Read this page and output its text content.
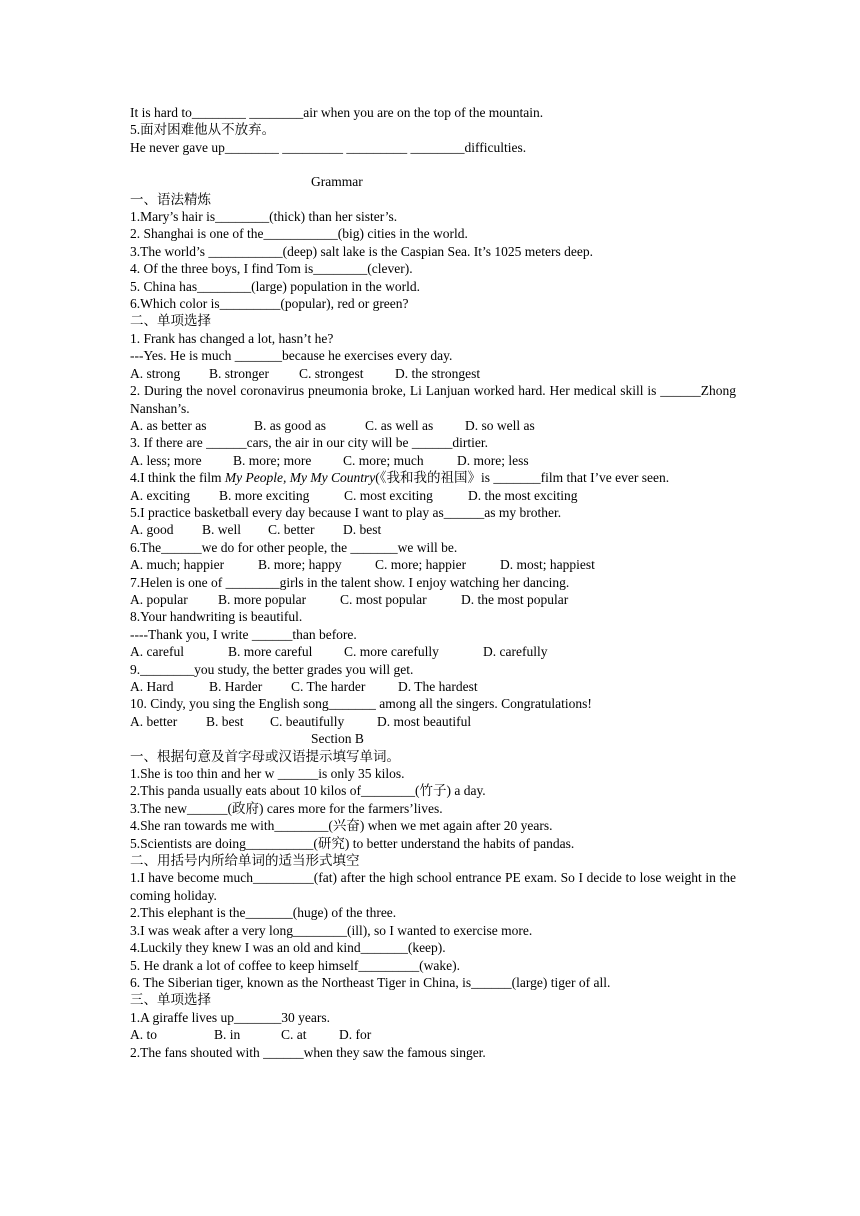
It is hard to________ ________air when you are on the top of the mountain.
5.面对困难他从不放弃。
He never gave up________ _________ _________ ________difficulties.
Grammar
一、语法精炼
1.Mary’s hair is________(thick) than her sister’s.
2. Shanghai is one of the___________(big) cities in the world.
3.The world’s ___________(deep) salt lake is the Caspian Sea. It’s 1025 meters deep.
4. Of the three boys, I find Tom is________(clever).
5. China has________(large) population in the world.
6.Which color is_________(popular), red or green?
二、单项选择
1. Frank has changed a lot, hasn’t he?
---Yes. He is much _______because he exercises every day.
A. strong B. stronger C. strongest D. the strongest
2. During the novel coronavirus pneumonia broke, Li Lanjuan worked hard. Her medical skill is ______Zhong Nanshan’s.
A. as better as	B. as good as	C. as well as D. so well as
3. If there are ______cars, the air in our city will be ______dirtier.
A. less; more B. more; more C. more; much D. more; less
4.I think the film My People, My My Country(《我和我的祖国》is _______film that I’ve ever seen.
A. exciting B. more exciting	C. most exciting	D. the most exciting
5.I practice basketball every day because I want to play as______as my brother.
A. good B. well C. better D. best
6.The______we do for other people, the _______we will be.
A. much; happier	B. more; happy C. more; happier	D. most; happiest
7.Helen is one of ________girls in the talent show. I enjoy watching her dancing.
A. popular B. more popular	C. most popular	D. the most popular
8.Your handwriting is beautiful.
----Thank you, I write ______than before.
A. careful	B. more careful C. more carefully	D. carefully
9.________you study, the better grades you will get.
A. Hard	B. Harder C. The harder D. The hardest
10. Cindy, you sing the English song_______ among all the singers. Congratulations!
A. better B. best C. beautifully D. most beautiful
Section B
一、根据句意及首字母或汉语提示填写单词。
1.She is too thin and her w ______is only 35 kilos.
2.This panda usually eats about 10 kilos of________(竹子) a day.
3.The new______(政府) cares more for the farmers’lives.
4.She ran towards me with________(兴奋) when we met again after 20 years.
5.Scientists are doing__________(研究) to better understand the habits of pandas.
二、用括号内所给单词的适当形式填空
1.I have become much_________(fat) after the high school entrance PE exam. So I decide to lose weight in the coming holiday.
2.This elephant is the_______(huge) of the three.
3.I was weak after a very long________(ill), so I wanted to exercise more.
4.Luckily they knew I was an old and kind_______(keep).
5. He drank a lot of coffee to keep himself_________(wake).
6. The Siberian tiger, known as the Northeast Tiger in China, is______(large) tiger of all.
三、单项选择
1.A giraffe lives up_______30 years.
A. to	B. in	C. at D. for
2.The fans shouted with ______when they saw the famous singer.
